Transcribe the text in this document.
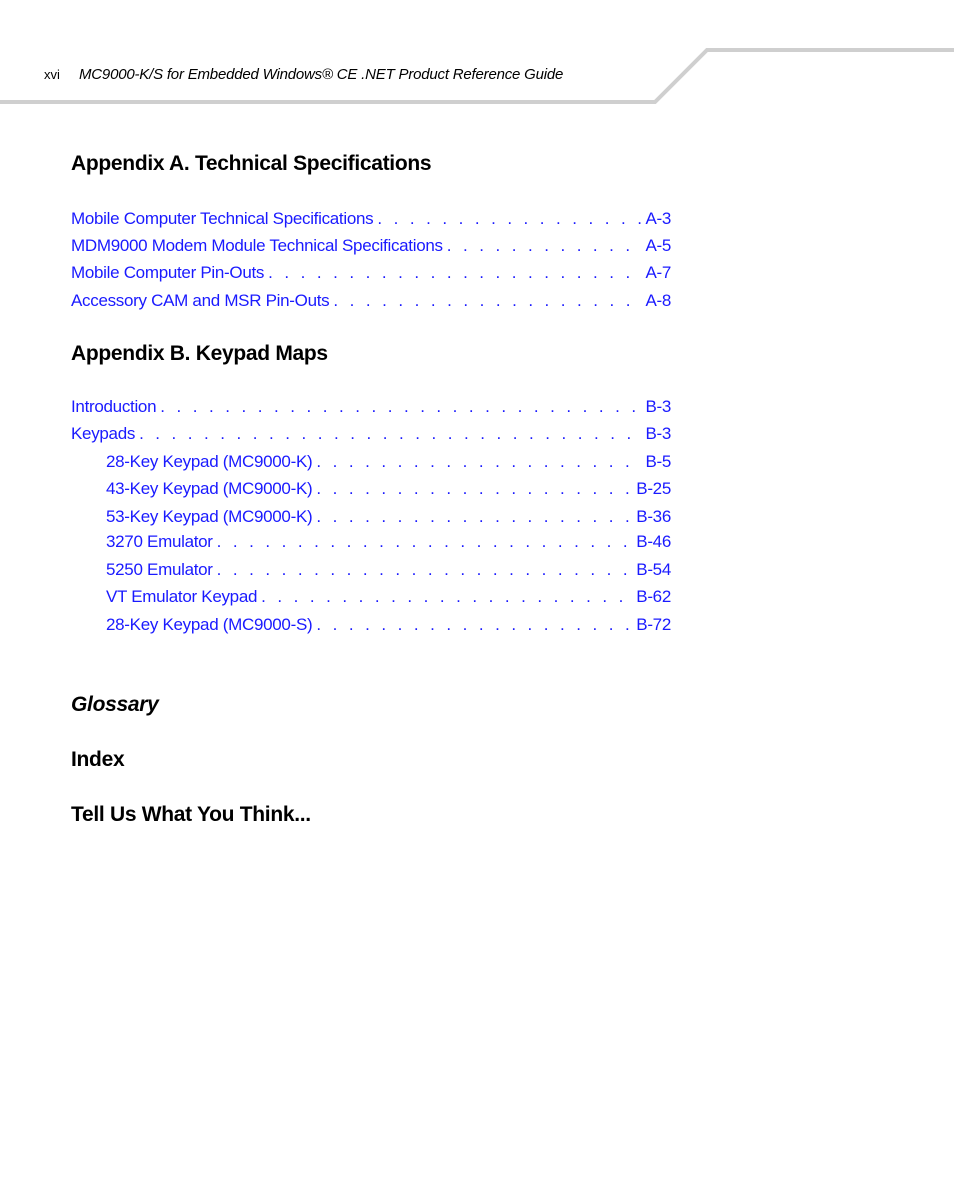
xvi MC9000-K/S for Embedded Windows® CE .NET Product Reference Guide
Appendix A. Technical Specifications
Mobile Computer Technical Specifications . . .	A-3
MDM9000 Modem Module Technical Specifications . . .	A-5
Mobile Computer Pin-Outs . . .	A-7
Accessory CAM and MSR Pin-Outs . . .	A-8
Appendix B. Keypad Maps
Introduction . . .	B-3
Keypads . . .	B-3
28-Key Keypad (MC9000-K) . . .	B-5
43-Key Keypad (MC9000-K) . . .	B-25
53-Key Keypad (MC9000-K) . . .	B-36
3270 Emulator . . .	B-46
5250 Emulator . . .	B-54
VT Emulator Keypad . . .	B-62
28-Key Keypad (MC9000-S) . . .	B-72
Glossary
Index
Tell Us What You Think...
